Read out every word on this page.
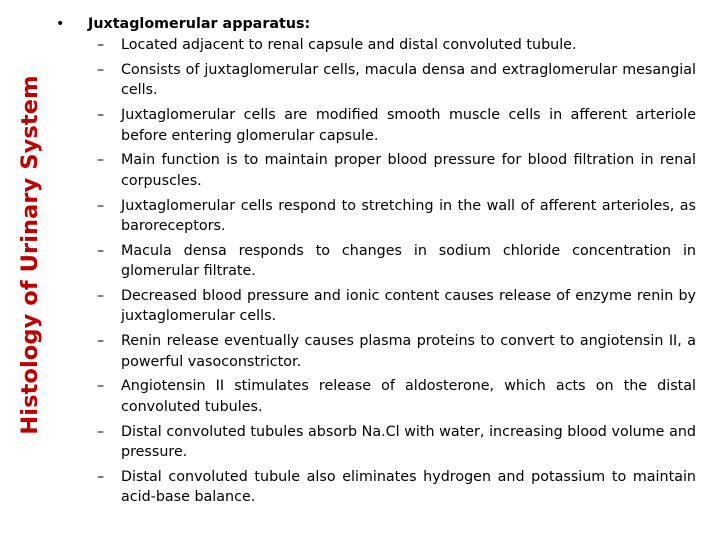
Histology of Urinary System
• Juxtaglomerular apparatus:
– Located adjacent to renal capsule and distal convoluted tubule.
– Consists of juxtaglomerular cells, macula densa and extraglomerular mesangial cells.
– Juxtaglomerular cells are modified smooth muscle cells in afferent arteriole before entering glomerular capsule.
– Main function is to maintain proper blood pressure for blood filtration in renal corpuscles.
– Juxtaglomerular cells respond to stretching in the wall of afferent arterioles, as baroreceptors.
– Macula densa responds to changes in sodium chloride concentration in glomerular filtrate.
– Decreased blood pressure and ionic content causes release of enzyme renin by juxtaglomerular cells.
– Renin release eventually causes plasma proteins to convert to angiotensin II, a powerful vasoconstrictor.
– Angiotensin II stimulates release of aldosterone, which acts on the distal convoluted tubules.
– Distal convoluted tubules absorb Na.Cl with water, increasing blood volume and pressure.
– Distal convoluted tubule also eliminates hydrogen and potassium to maintain acid-base balance.
